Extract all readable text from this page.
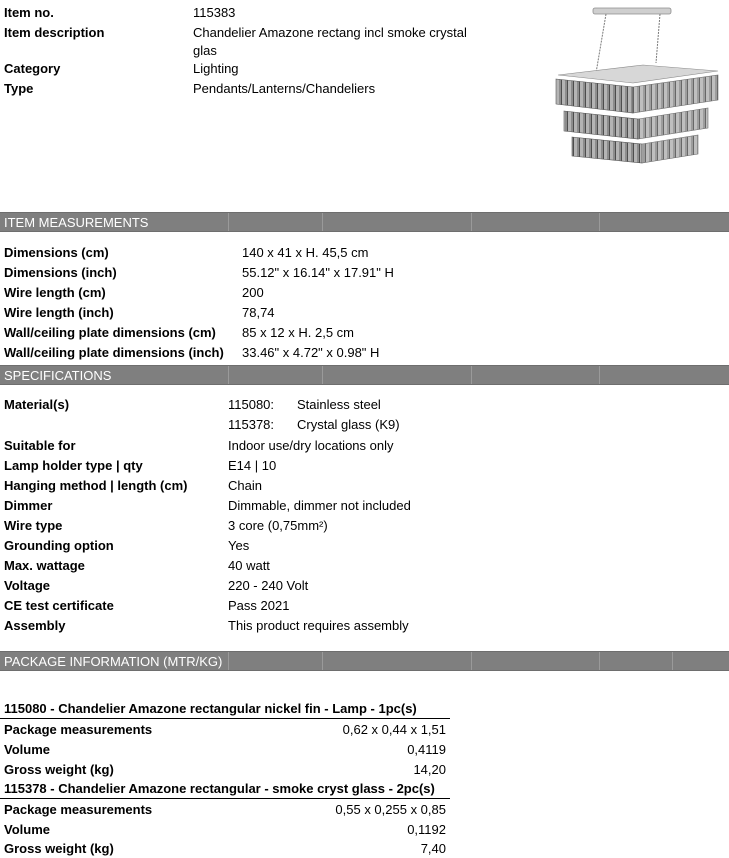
Item no.	115383
Item description	Chandelier Amazone rectang incl smoke crystal glas
Category	Lighting
Type	Pendants/Lanterns/Chandeliers
ITEM MEASUREMENTS
Dimensions (cm)	140 x 41 x H. 45,5 cm
Dimensions (inch)	55.12" x 16.14" x 17.91" H
Wire length (cm)	200
Wire length (inch)	78,74
Wall/ceiling plate dimensions (cm) 85 x 12 x H. 2,5 cm
Wall/ceiling plate dimensions (inch) 33.46" x 4.72" x 0.98" H
SPECIFICATIONS
Material(s)	115080: Stainless steel
115378: Crystal glass (K9)
Suitable for	Indoor use/dry locations only
Lamp holder type | qty	E14 | 10
Hanging method | length (cm)	Chain
Dimmer	Dimmable, dimmer not included
Wire type	3 core (0,75mm²)
Grounding option	Yes
Max. wattage	40 watt
Voltage	220 - 240 Volt
CE test certificate	Pass 2021
Assembly	This product requires assembly
PACKAGE INFORMATION (MTR/KG)
115080 - Chandelier Amazone rectangular nickel fin - Lamp - 1pc(s)
Package measurements	0,62 x 0,44 x 1,51
Volume	0,4119
Gross weight (kg)	14,20
115378 - Chandelier Amazone rectangular - smoke cryst glass - 2pc(s)
Package measurements	0,55 x 0,255 x 0,85
Volume	0,1192
Gross weight (kg)	7,40
